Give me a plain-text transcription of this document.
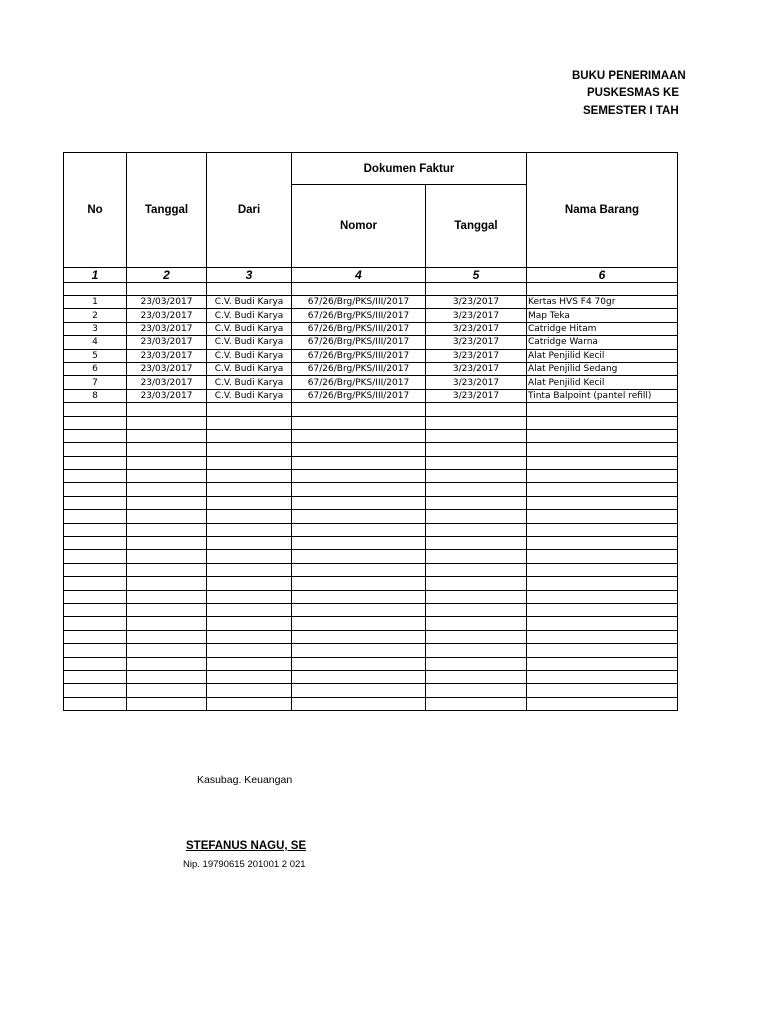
BUKU PENERIMAAN
PUSKESMAS KE
SEMESTER I TAH
No	Tanggal	Dari	Dokumen Faktur		Nama Barang
			Nomor	Tanggal	
1	2	3	4	5	6

1	23/03/2017	C.V. Budi Karya	67/26/Brg/PKS/III/2017	3/23/2017	Kertas HVS F4 70gr
2	23/03/2017	C.V. Budi Karya	67/26/Brg/PKS/III/2017	3/23/2017	Map Teka
3	23/03/2017	C.V. Budi Karya	67/26/Brg/PKS/III/2017	3/23/2017	Catridge Hitam
4	23/03/2017	C.V. Budi Karya	67/26/Brg/PKS/III/2017	3/23/2017	Catridge Warna
5	23/03/2017	C.V. Budi Karya	67/26/Brg/PKS/III/2017	3/23/2017	Alat Penjilid Kecil
6	23/03/2017	C.V. Budi Karya	67/26/Brg/PKS/III/2017	3/23/2017	Alat Penjilid Sedang
7	23/03/2017	C.V. Budi Karya	67/26/Brg/PKS/III/2017	3/23/2017	Alat Penjilid Kecil
8	23/03/2017	C.V. Budi Karya	67/26/Brg/PKS/III/2017	3/23/2017	Tinta Balpoint (pantel refill)

Kasubag. Keuangan
STEFANUS NAGU, SE
Nip. 19790615 201001 2 021
